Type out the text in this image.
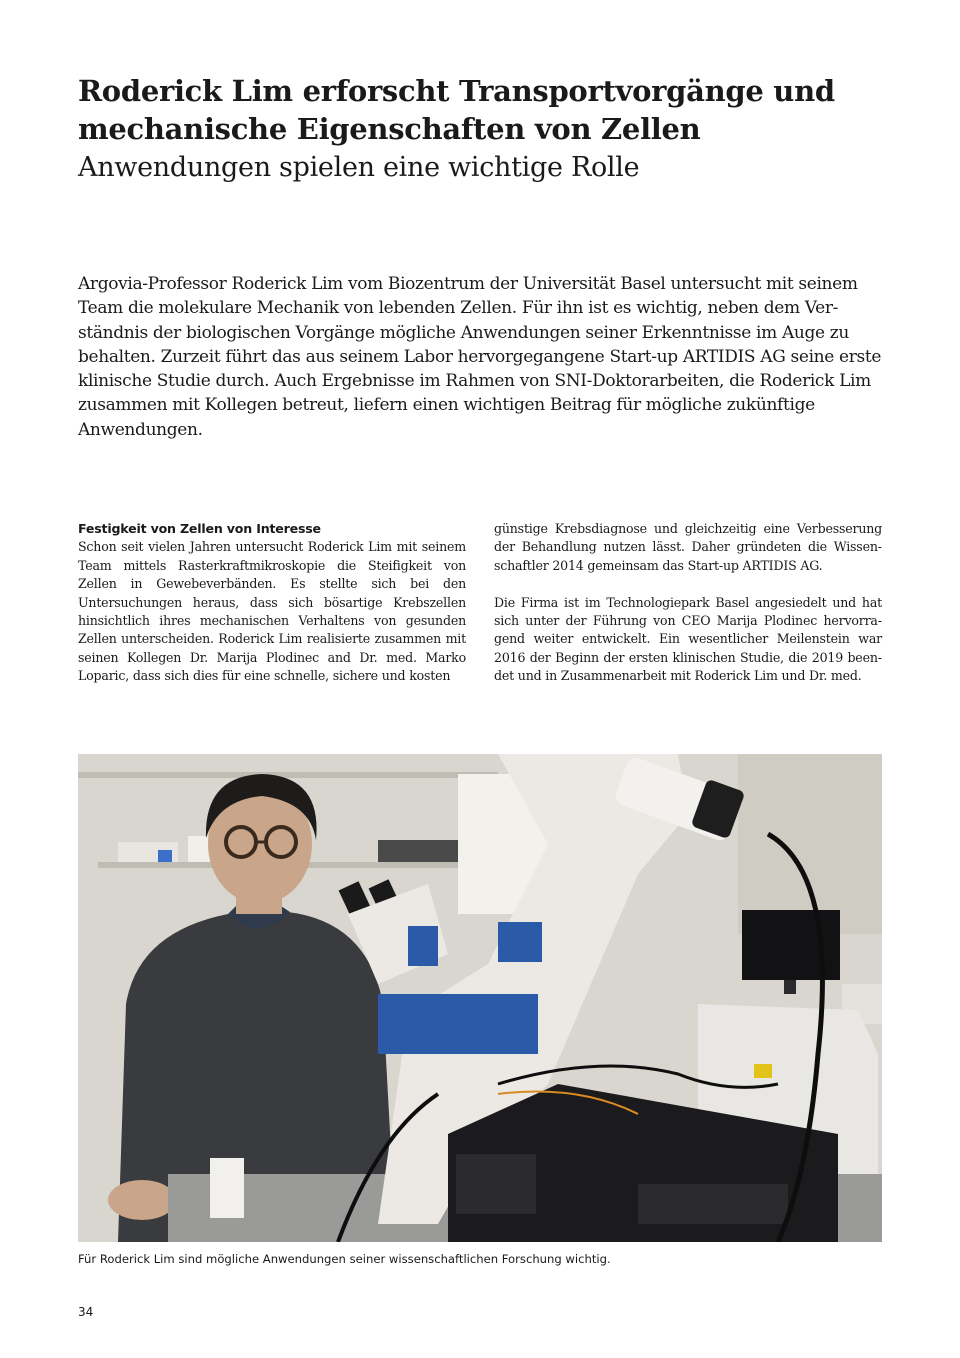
Roderick Lim erforscht Transportvorgänge und mechanische Eigenschaften von Zellen
Anwendungen spielen eine wichtige Rolle

Argovia-Professor Roderick Lim vom Biozentrum der Universität Basel untersucht mit seinem Team die molekulare Mechanik von lebenden Zellen. Für ihn ist es wichtig, neben dem Verständnis der biologischen Vorgänge mögliche Anwendungen seiner Erkenntnisse im Auge zu behalten. Zurzeit führt das aus seinem Labor hervorgegangene Start-up ARTIDIS AG seine erste klinische Studie durch. Auch Ergebnisse im Rahmen von SNI-Doktorarbeiten, die Roderick Lim zusammen mit Kollegen betreut, liefern einen wichtigen Beitrag für mögliche zukünftige Anwendungen.

Festigkeit von Zellen von Interesse

Schon seit vielen Jahren untersucht Roderick Lim mit seinem Team mittels Rasterkraftmikroskopie die Steifigkeit von Zellen in Gewebeverbänden. Es stellte sich bei den Untersuchungen heraus, dass sich bösartige Krebszellen hinsichtlich ihres mechanischen Verhaltens von gesunden Zellen unterscheiden. Roderick Lim realisierte zusammen mit seinen Kollegen Dr. Marija Plodinec and Dr. med. Marko Loparic, dass sich dies für eine schnelle, sichere und kosten

günstige Krebsdiagnose und gleichzeitig eine Verbesserung der Behandlung nutzen lässt. Daher gründeten die Wissenschaftler 2014 gemeinsam das Start-up ARTIDIS AG.

Die Firma ist im Technologiepark Basel angesiedelt und hat sich unter der Führung von CEO Marija Plodinec hervorragend weiter entwickelt. Ein wesentlicher Meilenstein war 2016 der Beginn der ersten klinischen Studie, die 2019 beendet und in Zusammenarbeit mit Roderick Lim und Dr. med.

Für Roderick Lim sind mögliche Anwendungen seiner wissenschaftlichen Forschung wichtig.

34
